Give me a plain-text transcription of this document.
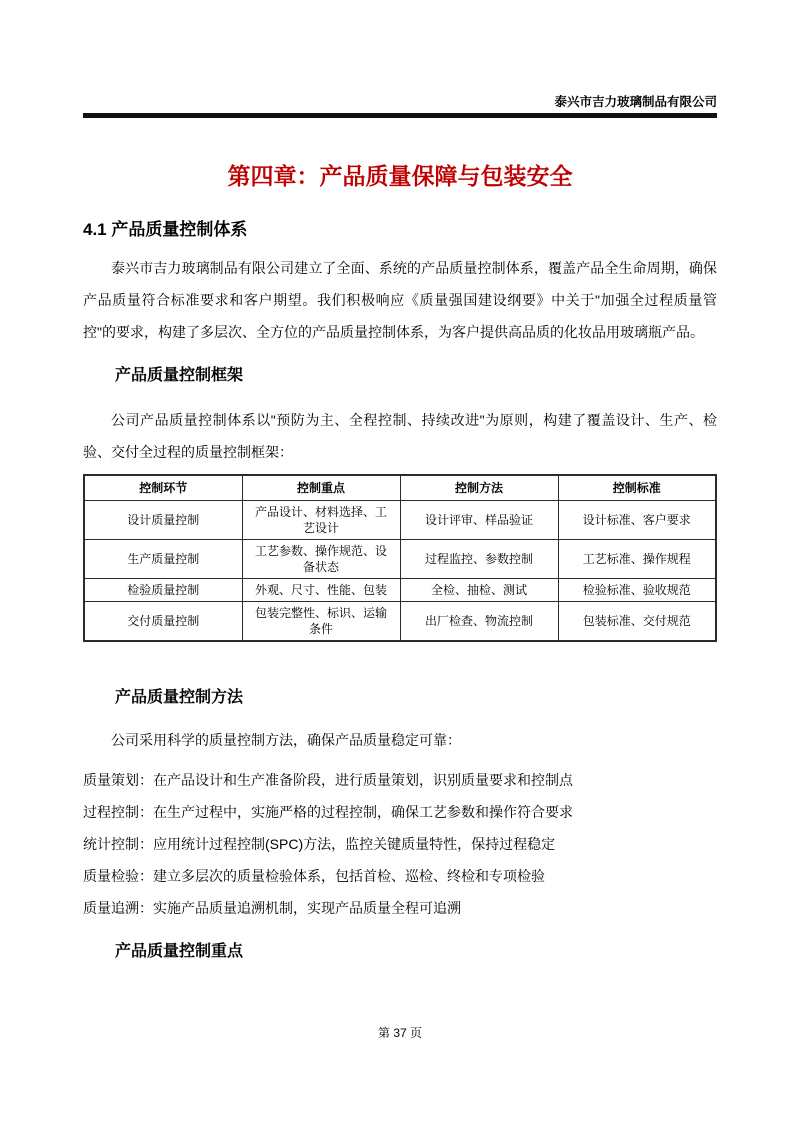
泰兴市吉力玻璃制品有限公司
第四章：产品质量保障与包装安全
4.1 产品质量控制体系

泰兴市吉力玻璃制品有限公司建立了全面、系统的产品质量控制体系，覆盖产品全生命周期，确保产品质量符合标准要求和客户期望。我们积极响应《质量强国建设纲要》中关于"加强全过程质量管控"的要求，构建了多层次、全方位的产品质量控制体系，为客户提供高品质的化妆品用玻璃瓶产品。

产品质量控制框架

公司产品质量控制体系以"预防为主、全程控制、持续改进"为原则，构建了覆盖设计、生产、检验、交付全过程的质量控制框架：

控制环节	控制重点	控制方法	控制标准
设计质量控制	产品设计、材料选择、工艺设计	设计评审、样品验证	设计标准、客户要求
生产质量控制	工艺参数、操作规范、设备状态	过程监控、参数控制	工艺标准、操作规程
检验质量控制	外观、尺寸、性能、包装	全检、抽检、测试	检验标准、验收规范
交付质量控制	包装完整性、标识、运输条件	出厂检查、物流控制	包装标准、交付规范
产品质量控制方法

公司采用科学的质量控制方法，确保产品质量稳定可靠：

质量策划：在产品设计和生产准备阶段，进行质量策划，识别质量要求和控制点
过程控制：在生产过程中，实施严格的过程控制，确保工艺参数和操作符合要求
统计控制：应用统计过程控制(SPC)方法，监控关键质量特性，保持过程稳定
质量检验：建立多层次的质量检验体系，包括首检、巡检、终检和专项检验
质量追溯：实施产品质量追溯机制，实现产品质量全程可追溯
产品质量控制重点
第 37 页
